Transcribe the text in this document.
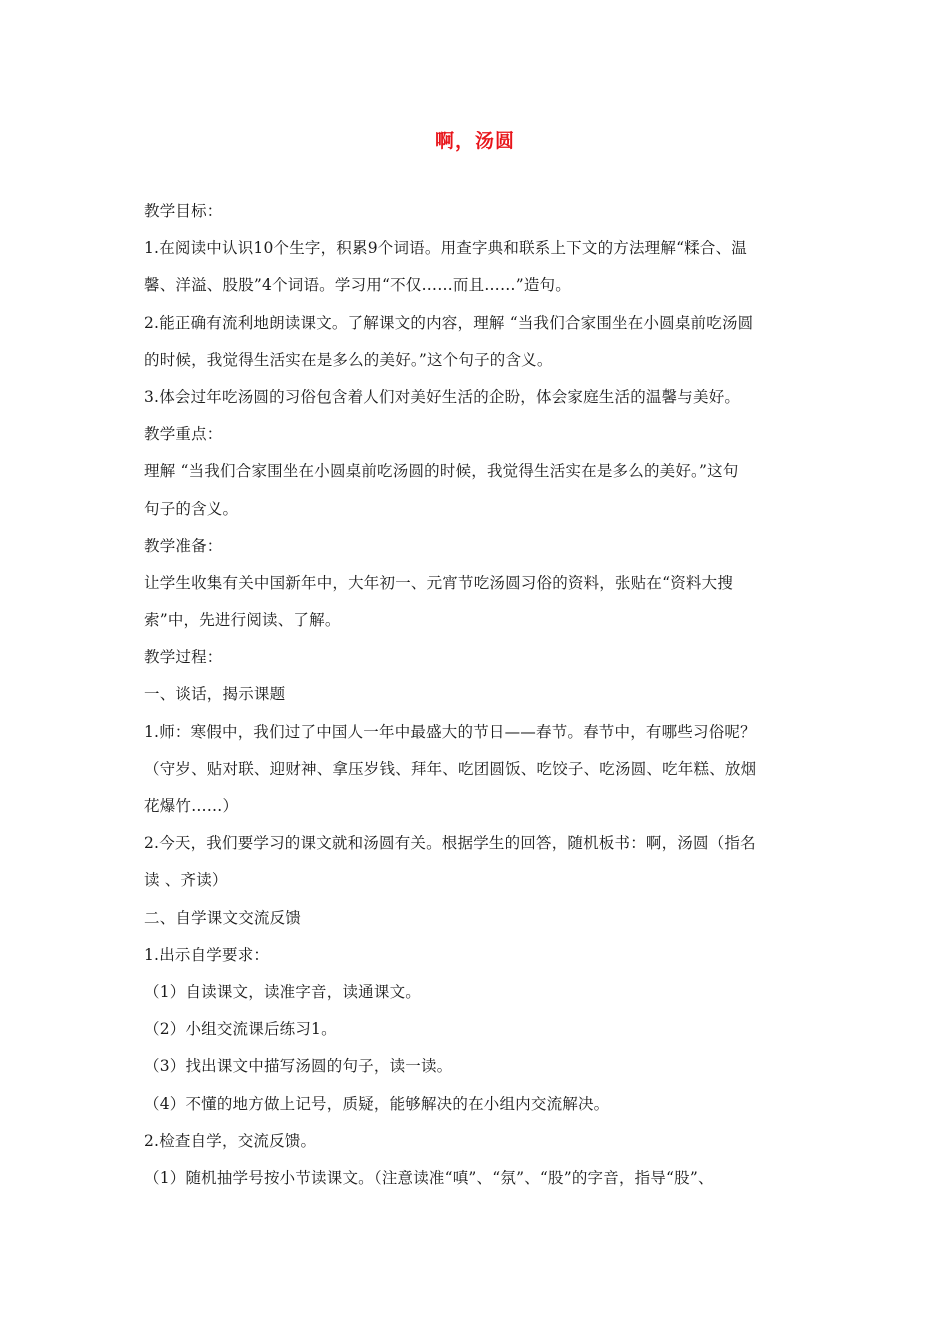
啊，汤圆
教学目标：
1.在阅读中认识10个生字，积累9个词语。用查字典和联系上下文的方法理解“糅合、温
馨、洋溢、股股”4个词语。学习用“不仅……而且……”造句。
2.能正确有流利地朗读课文。了解课文的内容，理解 “当我们合家围坐在小圆桌前吃汤圆
的时候，我觉得生活实在是多么的美好。”这个句子的含义。
3.体会过年吃汤圆的习俗包含着人们对美好生活的企盼，体会家庭生活的温馨与美好。
教学重点：
理解 “当我们合家围坐在小圆桌前吃汤圆的时候，我觉得生活实在是多么的美好。”这句
句子的含义。
教学准备：
让学生收集有关中国新年中，大年初一、元宵节吃汤圆习俗的资料，张贴在“资料大搜
索”中，先进行阅读、了解。
教学过程：
一、谈话，揭示课题
1.师：寒假中，我们过了中国人一年中最盛大的节日——春节。春节中，有哪些习俗呢？
（守岁、贴对联、迎财神、拿压岁钱、拜年、吃团圆饭、吃饺子、吃汤圆、吃年糕、放烟
花爆竹……）
2.今天，我们要学习的课文就和汤圆有关。根据学生的回答，随机板书：啊，汤圆（指名
读 、齐读）
二、自学课文交流反馈
1.出示自学要求：
（1）自读课文，读准字音，读通课文。
（2）小组交流课后练习1。
（3）找出课文中描写汤圆的句子，读一读。
（4）不懂的地方做上记号，质疑，能够解决的在小组内交流解决。
2.检查自学，交流反馈。
（1）随机抽学号按小节读课文。（注意读准“嗔”、“氛”、“股”的字音，指导“股”、
